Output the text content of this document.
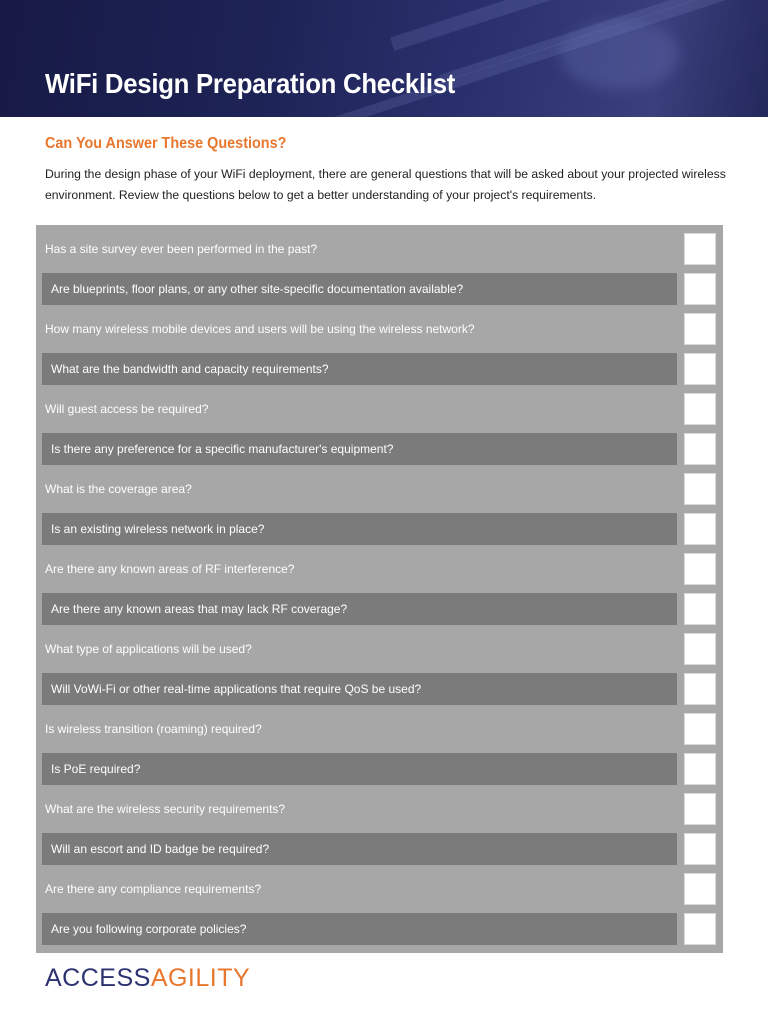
WiFi Design Preparation Checklist
Can You Answer These Questions?

During the design phase of your WiFi deployment, there are general questions that will be asked about your projected wireless environment. Review the questions below to get a better understanding of your project's requirements.

Has a site survey ever been performed in the past?
Are blueprints, floor plans, or any other site-specific documentation available?
How many wireless mobile devices and users will be using the wireless network?
What are the bandwidth and capacity requirements?
Will guest access be required?
Is there any preference for a specific manufacturer's equipment?
What is the coverage area?
Is an existing wireless network in place?
Are there any known areas of RF interference?
Are there any known areas that may lack RF coverage?
What type of applications will be used?
Will VoWi-Fi or other real-time applications that require QoS be used?
Is wireless transition (roaming) required?
Is PoE required?
What are the wireless security requirements?
Will an escort and ID badge be required?
Are there any compliance requirements?
Are you following corporate policies?
ACCESSAGILITY
